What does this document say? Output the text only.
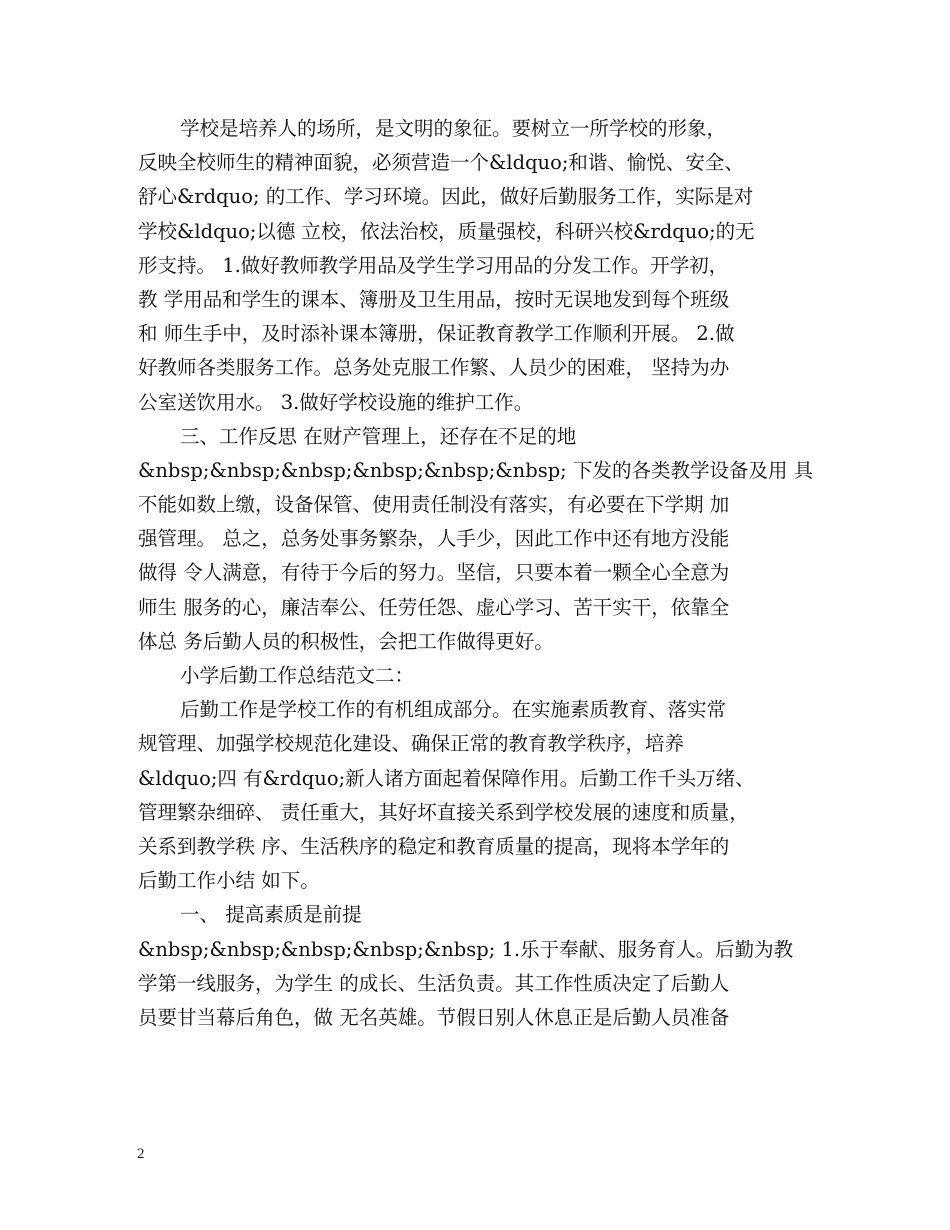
学校是培养人的场所，是文明的象征。要树立一所学校的形象，
反映全校师生的精神面貌，必须营造一个&ldquo;和谐、愉悦、安全、
舒心&rdquo; 的工作、学习环境。因此，做好后勤服务工作，实际是对
学校&ldquo;以德 立校，依法治校，质量强校，科研兴校&rdquo;的无
形支持。 1.做好教师教学用品及学生学习用品的分发工作。开学初，
教 学用品和学生的课本、簿册及卫生用品，按时无误地发到每个班级
和 师生手中，及时添补课本簿册，保证教育教学工作顺利开展。 2.做
好教师各类服务工作。总务处克服工作繁、人员少的困难， 坚持为办
公室送饮用水。 3.做好学校设施的维护工作。
三、工作反思 在财产管理上，还存在不足的地
&nbsp;&nbsp;&nbsp;&nbsp;&nbsp;&nbsp; 下发的各类教学设备及用 具
不能如数上缴，设备保管、使用责任制没有落实，有必要在下学期 加
强管理。 总之，总务处事务繁杂，人手少，因此工作中还有地方没能
做得 令人满意，有待于今后的努力。坚信，只要本着一颗全心全意为
师生 服务的心，廉洁奉公、任劳任怨、虚心学习、苦干实干，依靠全
体总 务后勤人员的积极性，会把工作做得更好。
小学后勤工作总结范文二：
后勤工作是学校工作的有机组成部分。在实施素质教育、落实常
规管理、加强学校规范化建设、确保正常的教育教学秩序，培养
&ldquo;四 有&rdquo;新人诸方面起着保障作用。后勤工作千头万绪、
管理繁杂细碎、 责任重大，其好坏直接关系到学校发展的速度和质量，
关系到教学秩 序、生活秩序的稳定和教育质量的提高，现将本学年的
后勤工作小结 如下。
一、 提高素质是前提
&nbsp;&nbsp;&nbsp;&nbsp;&nbsp; 1.乐于奉献、服务育人。后勤为教
学第一线服务，为学生 的成长、生活负责。其工作性质决定了后勤人
员要甘当幕后角色，做 无名英雄。节假日别人休息正是后勤人员准备
2
